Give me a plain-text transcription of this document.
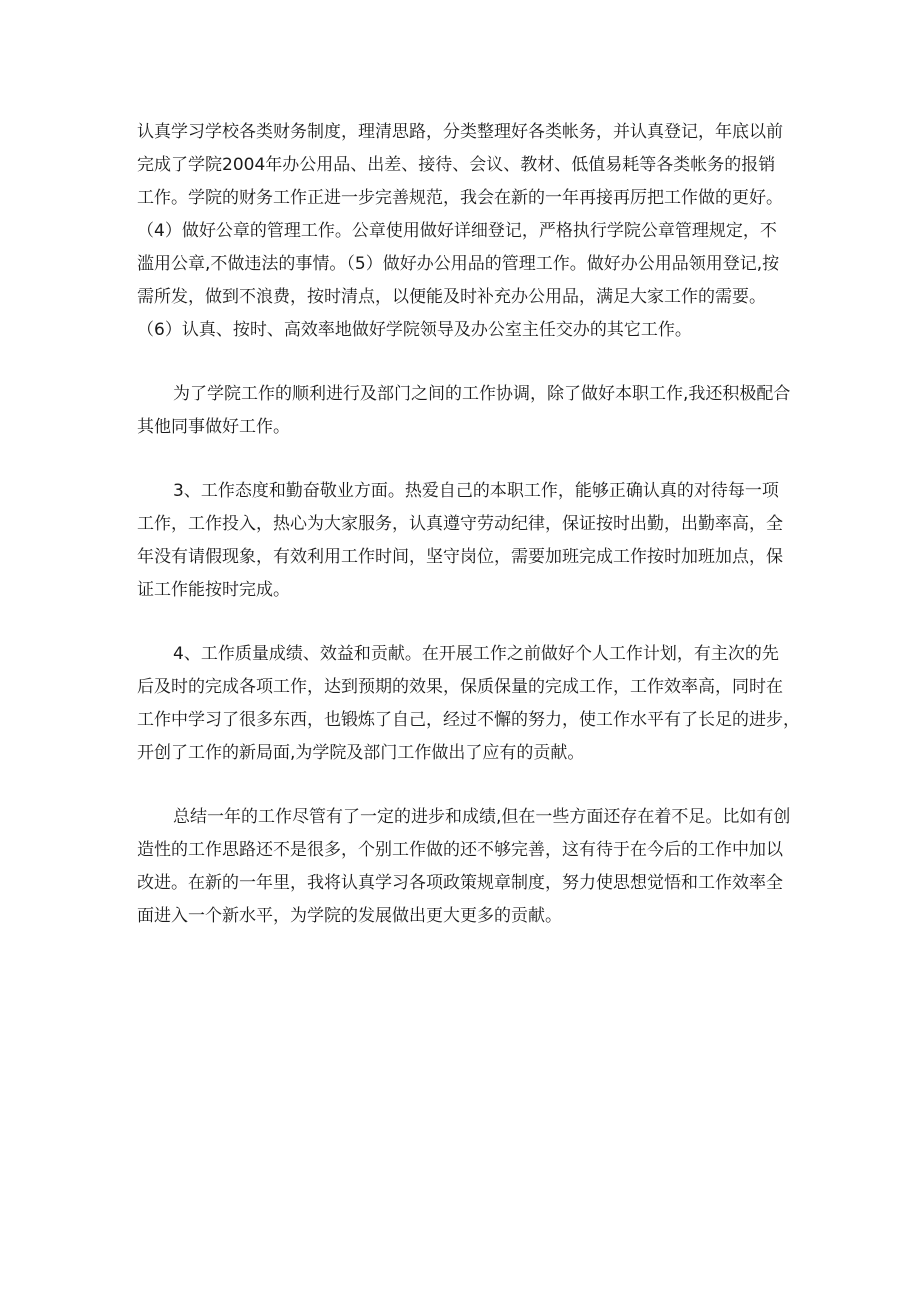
认真学习学校各类财务制度，理清思路，分类整理好各类帐务，并认真登记，年底以前
完成了学院2004年办公用品、出差、接待、会议、教材、低值易耗等各类帐务的报销
工作。学院的财务工作正进一步完善规范，我会在新的一年再接再厉把工作做的更好。
（4）做好公章的管理工作。公章使用做好详细登记，严格执行学院公章管理规定，不
滥用公章,不做违法的事情。（5）做好办公用品的管理工作。做好办公用品领用登记,按
需所发，做到不浪费，按时清点，以便能及时补充办公用品，满足大家工作的需要。
（6）认真、按时、高效率地做好学院领导及办公室主任交办的其它工作。

为了学院工作的顺利进行及部门之间的工作协调，除了做好本职工作,我还积极配合
其他同事做好工作。

3、工作态度和勤奋敬业方面。热爱自己的本职工作，能够正确认真的对待每一项
工作，工作投入，热心为大家服务，认真遵守劳动纪律，保证按时出勤，出勤率高，全
年没有请假现象，有效利用工作时间，坚守岗位，需要加班完成工作按时加班加点，保
证工作能按时完成。

4、工作质量成绩、效益和贡献。在开展工作之前做好个人工作计划，有主次的先
后及时的完成各项工作，达到预期的效果，保质保量的完成工作，工作效率高，同时在
工作中学习了很多东西，也锻炼了自己，经过不懈的努力，使工作水平有了长足的进步，
开创了工作的新局面,为学院及部门工作做出了应有的贡献。

总结一年的工作尽管有了一定的进步和成绩,但在一些方面还存在着不足。比如有创
造性的工作思路还不是很多，个别工作做的还不够完善，这有待于在今后的工作中加以
改进。在新的一年里，我将认真学习各项政策规章制度，努力使思想觉悟和工作效率全
面进入一个新水平，为学院的发展做出更大更多的贡献。
